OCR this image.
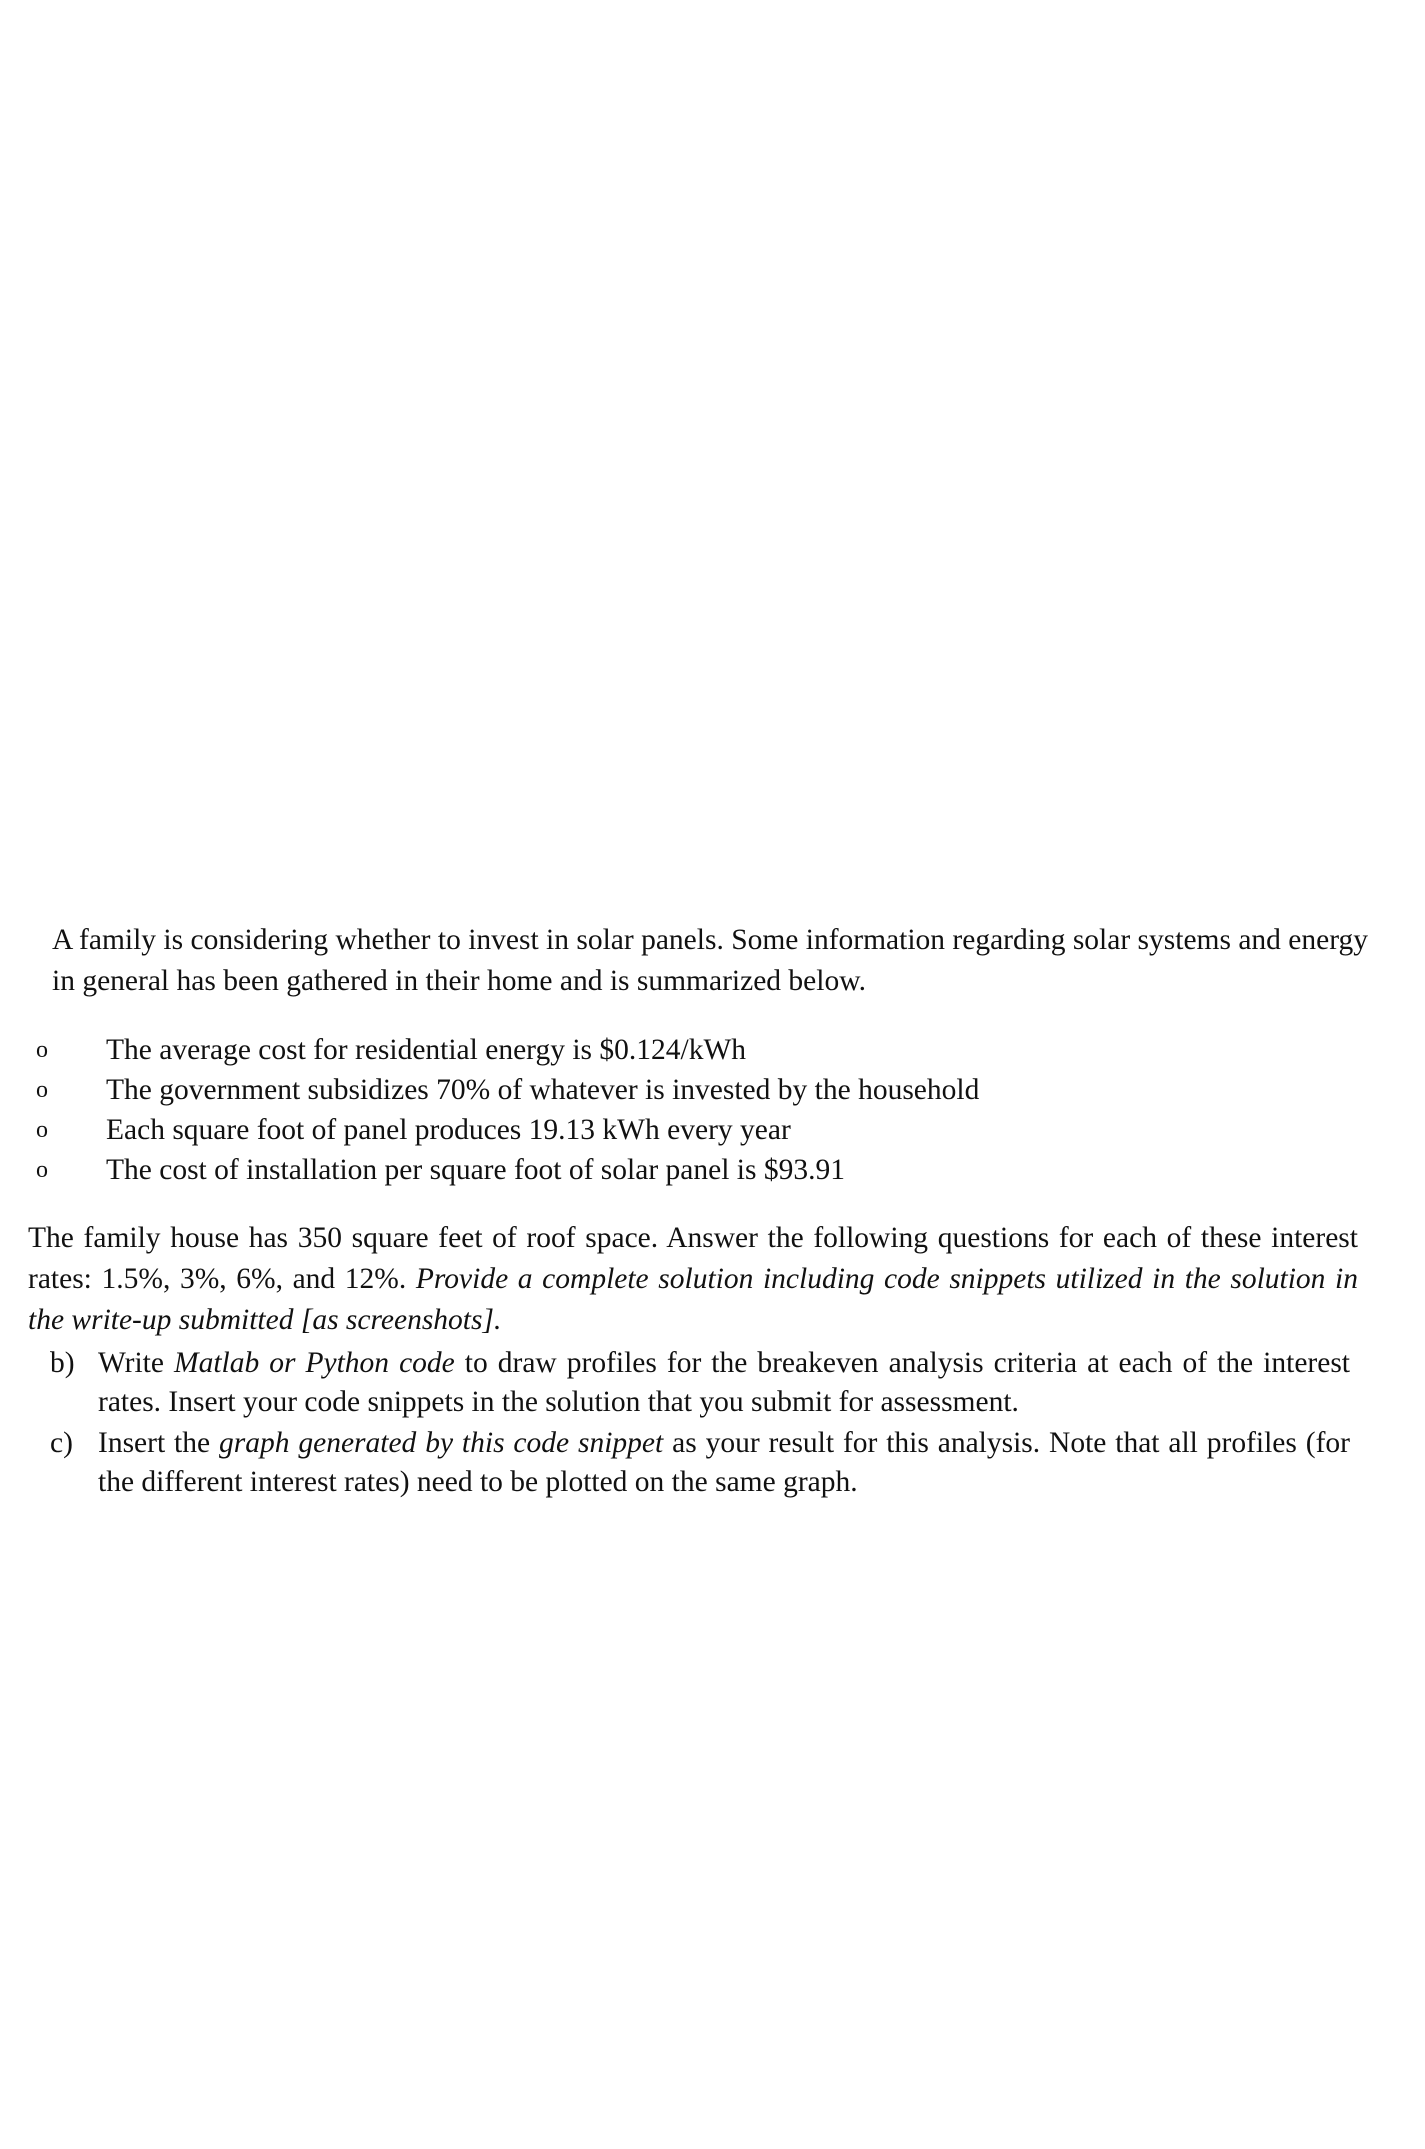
A family is considering whether to invest in solar panels. Some information regarding solar systems and energy in general has been gathered in their home and is summarized below.

o	The average cost for residential energy is $0.124/kWh
o	The government subsidizes 70% of whatever is invested by the household
o	Each square foot of panel produces 19.13 kWh every year
o	The cost of installation per square foot of solar panel is $93.91

The family house has 350 square feet of roof space. Answer the following questions for each of these interest rates: 1.5%, 3%, 6%, and 12%. Provide a complete solution including code snippets utilized in the solution in the write-up submitted [as screenshots].

b) Write Matlab or Python code to draw profiles for the breakeven analysis criteria at each of the interest rates. Insert your code snippets in the solution that you submit for assessment.
c) Insert the graph generated by this code snippet as your result for this analysis. Note that all profiles (for the different interest rates) need to be plotted on the same graph.
